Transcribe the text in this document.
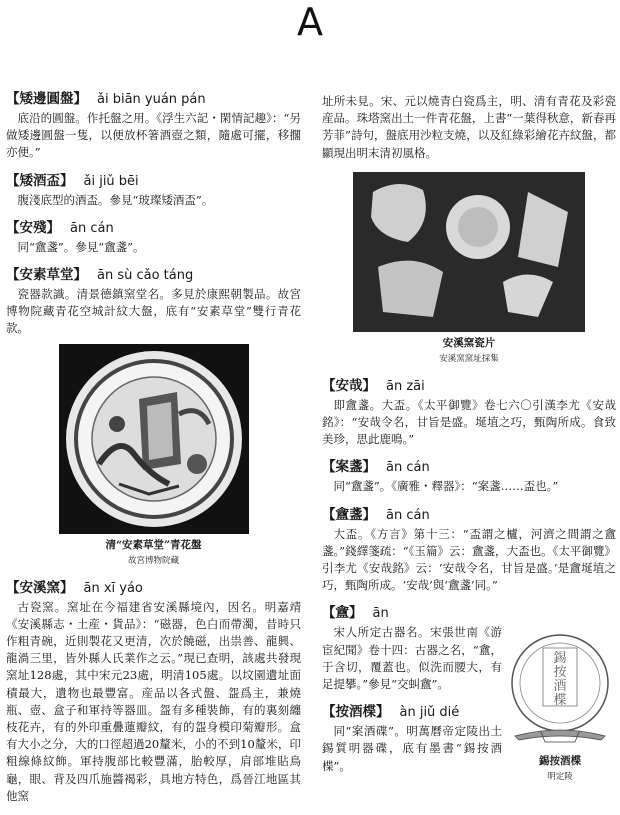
A

【矮邊圓盤】 ǎi biān yuán pán

底沿的圓盤。作托盤之用。《浮生六記・閑情記趣》：“另做矮邊圓盤一隻，以便放杯箸酒壺之類，隨處可擺，移擱亦便。”

【矮酒盃】 ǎi jiǔ bēi

腹淺底型的酒盃。參見“玻璨矮酒盃”。

【安殘】 ān cán

同“盦盞”。參見“盦盞”。

【安素草堂】 ān sù cǎo táng

瓷器款識。清景德鎮窯堂名。多見於康熙朝製品。故宮博物院藏青花空城計紋大盤，底有“安素草堂”雙行青花款。

清“安素草堂”青花盤

故宮博物院藏

【安溪窯】 ān xī yáo

古瓷窯。窯址在今福建省安溪縣境內，因名。明嘉靖《安溪縣志・土産・貨品》：“磁器，色白而帶濁，昔時只作粗青碗，近則製花又更清，次於饒磁，出祟善、龍興、龍渦三里，皆外縣人氏業作之云。”現已查明，該處共發現窯址128處，其中宋元23處，明清105處。以坟園遺址面積最大，遺物也最豐富。産品以各式盤、盌爲主，兼燒瓶、壺、盒子和軍持等器皿。盌有多種裝飾，有的裏刻纏枝花卉，有的外印重疊蓮瓣紋，有的盌身模印菊瓣形。盒有大小之分，大的口徑超過20釐米，小的不到10釐米，印粗線條紋飾。軍持腹部比較豐滿，胎較厚，肩部堆貼鳥龜，眼、背及四爪施醬褐彩，具地方特色，爲晉江地區其他窯

址所未見。宋、元以燒青白瓷爲主，明、清有青花及彩瓷産品。珠塔窯出土一件青花盤，上書“一葉得秋意，新春再芳菲”詩句，盤底用沙粒支燒，以及紅綠彩繪花卉紋盤，都顯現出明末清初風格。

安溪窯瓷片

安溪窯窯址採集

【安哉】 ān zāi

即盦盞。大盃。《太平御覽》卷七六〇引漢李尤《安哉銘》：“安哉令名，甘旨是盛。埏埴之巧，甄陶所成。食致美珍，思此鹿鳴。”

【案盞】 ān cán

同“盦盞”。《廣雅・釋器》：“案盞……盃也。”

【盦盞】 ān cán

大盃。《方言》第十三：“盃謂之櫨，河濟之間謂之盦盞。”錢繹箋疏：“《玉篇》云：盦盞，大盃也。《太平御覽》引李尤《安哉銘》云：‘安哉令名，甘旨是盛。’是盦埏埴之巧，甄陶所成。‘安哉’與‘盦盞’同。”

【盦】 ān

宋人所定古器名。宋張世南《游宦紀聞》卷十四：古器之名，“盦，于含切，覆蓋也。似洗而腰大，有足提攀。”參見“交虯盦”。

【按酒楪】 àn jiǔ dié

同“案酒碟”。明萬曆帝定陵出土錫質明器碟，底有墨書“錫按酒楪”。

錫
按
酒
楪

錫按酒楪

明定陵
